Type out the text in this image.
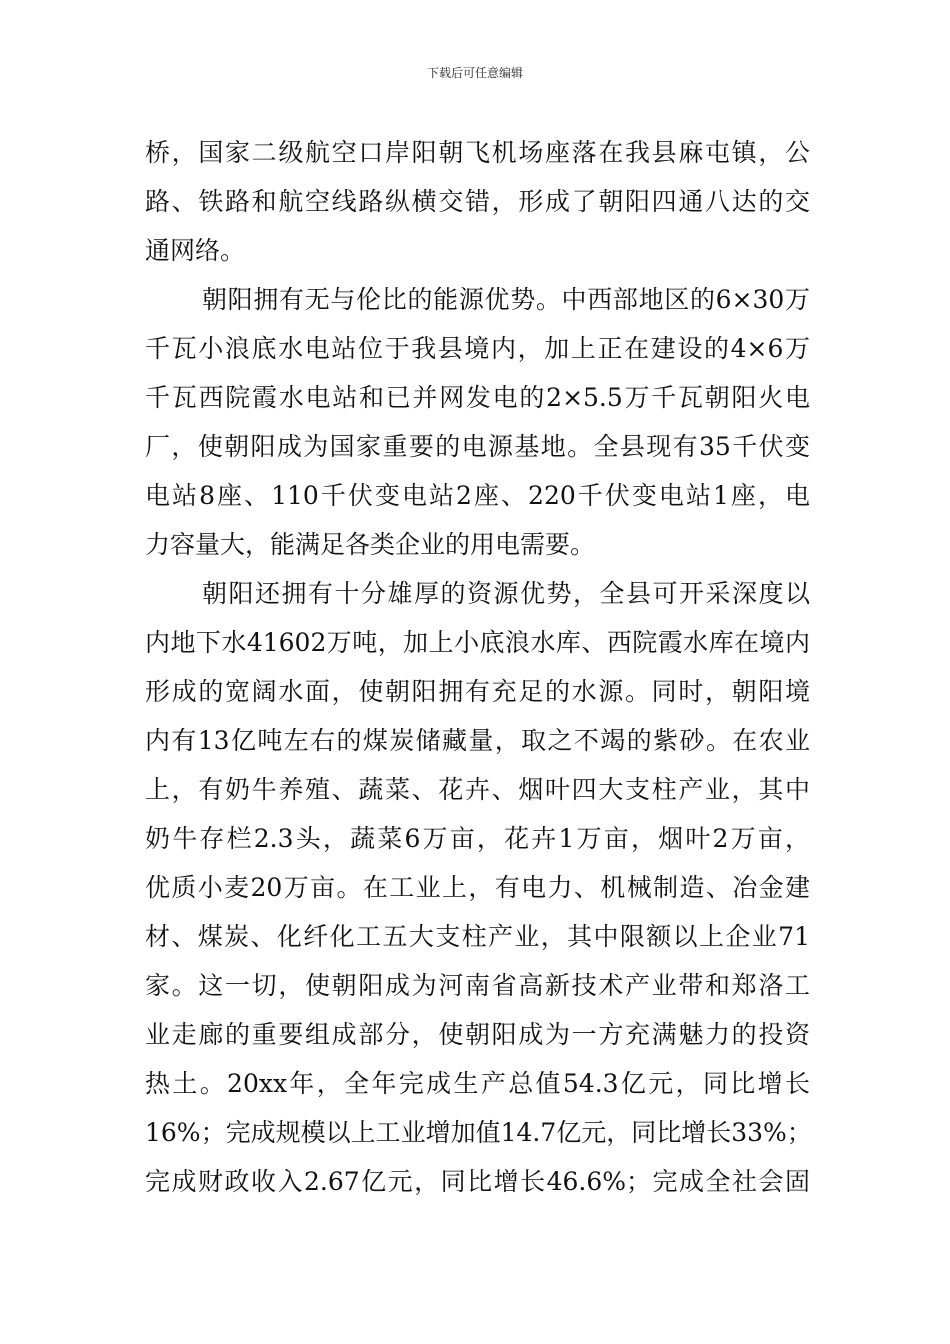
下载后可任意编辑
桥，国家二级航空口岸阳朝飞机场座落在我县麻屯镇，公
路、铁路和航空线路纵横交错，形成了朝阳四通八达的交
通网络。
朝阳拥有无与伦比的能源优势。中西部地区的6×30万
千瓦小浪底水电站位于我县境内，加上正在建设的4×6万
千瓦西院霞水电站和已并网发电的2×5.5万千瓦朝阳火电
厂，使朝阳成为国家重要的电源基地。全县现有35千伏变
电站8座、110千伏变电站2座、220千伏变电站1座，电
力容量大，能满足各类企业的用电需要。
朝阳还拥有十分雄厚的资源优势，全县可开采深度以
内地下水41602万吨，加上小底浪水库、西院霞水库在境内
形成的宽阔水面，使朝阳拥有充足的水源。同时，朝阳境
内有13亿吨左右的煤炭储藏量，取之不竭的紫砂。在农业
上，有奶牛养殖、蔬菜、花卉、烟叶四大支柱产业，其中
奶牛存栏2.3头，蔬菜6万亩，花卉1万亩，烟叶2万亩，
优质小麦20万亩。在工业上，有电力、机械制造、冶金建
材、煤炭、化纤化工五大支柱产业，其中限额以上企业71
家。这一切，使朝阳成为河南省高新技术产业带和郑洛工
业走廊的重要组成部分，使朝阳成为一方充满魅力的投资
热土。20xx年，全年完成生产总值54.3亿元，同比增长
16%；完成规模以上工业增加值14.7亿元，同比增长33%；
完成财政收入2.67亿元，同比增长46.6%；完成全社会固
